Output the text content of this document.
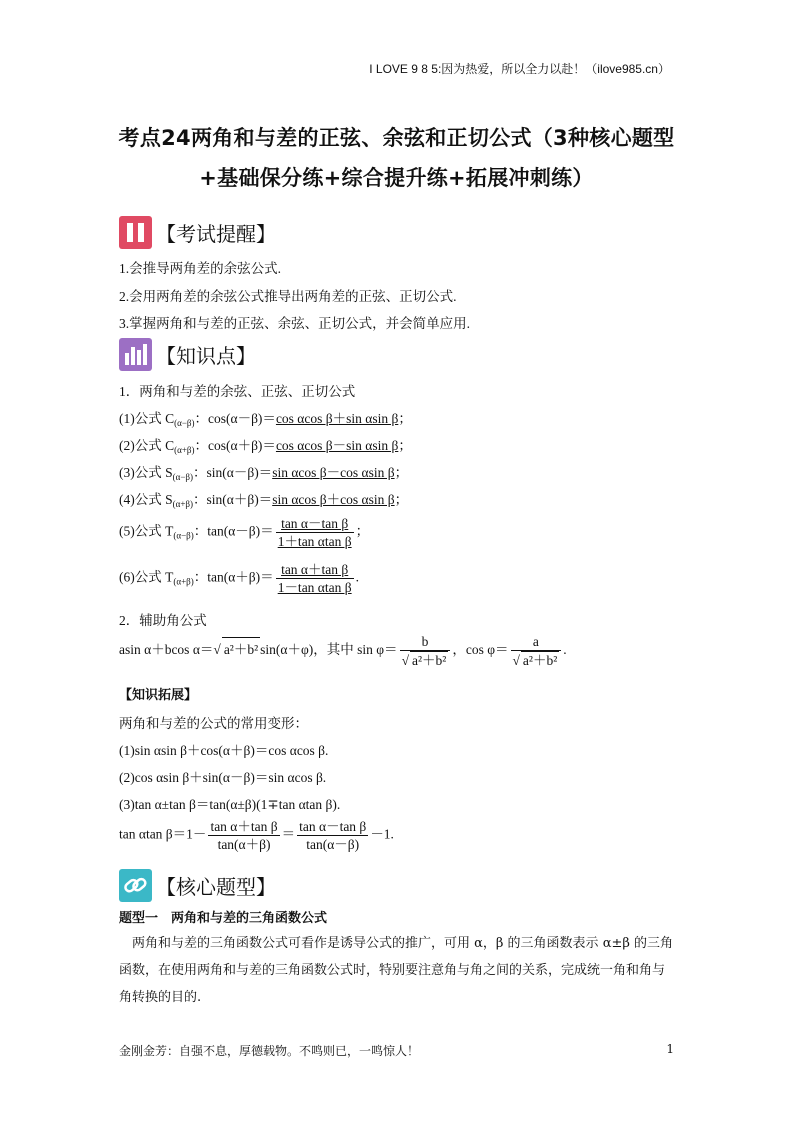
I LOVE 9 8 5:因为热爱，所以全力以赴！（ilove985.cn）
考点24两角和与差的正弦、余弦和正切公式（3种核心题型
+基础保分练+综合提升练+拓展冲刺练）
【考试提醒】
1.会推导两角差的余弦公式.
2.会用两角差的余弦公式推导出两角差的正弦、正切公式.
3.掌握两角和与差的正弦、余弦、正切公式，并会简单应用.
【知识点】
1．两角和与差的余弦、正弦、正切公式
(1)公式 $C_{(\alpha-\beta)}$：cos(α－β)＝cos αcos β＋sin αsin β；
(2)公式 $C_{(\alpha+\beta)}$：cos(α＋β)＝cos αcos β－sin αsin β；
(3)公式 $S_{(\alpha-\beta)}$：sin(α－β)＝sin αcos β－cos αsin β；
(4)公式 $S_{(\alpha+\beta)}$：sin(α＋β)＝sin αcos β＋cos αsin β；
(5)公式 $T_{(\alpha-\beta)}$：$\tan(\alpha-\beta)= \frac{\text{tan α－tan β}}{\text{1＋tan αtan β}}$ ；
(6)公式 $T_{(\alpha+\beta)}$：$\tan(\alpha+\beta)= \frac{\text{tan α＋tan β}}{\text{1－tan αtan β}}$ .
2．辅助角公式
asin α＋bcos α＝√ a²＋b² sin(α＋φ)，其中 $\sin \varphi= \frac{b}{\text{√ a²＋b²}}$ ，$\cos \varphi= \frac{a}{\text{√ a²＋b²}}$ .
【知识拓展】
两角和与差的公式的常用变形：
(1)sin αsin β＋cos(α＋β)＝cos αcos β.
(2)cos αsin β＋sin(α－β)＝sin αcos β.
(3)tan α±tan β＝tan(α±β)(1∓tan αtan β).
tan αtan $\beta=1- \frac{\text{tan α＋tan β}}{\tan(\alpha+\beta)} = \frac{\text{tan α－tan β}}{\tan(\alpha-\beta)} -1$.
【核心题型】
题型一　两角和与差的三角函数公式
两角和与差的三角函数公式可看作是诱导公式的推广，可用 α，β 的三角函数表示 α±β 的三角函数，在使用两角和与差的三角函数公式时，特别要注意角与角之间的关系，完成统一角和角与角转换的目的.
金刚金芳：自强不息，厚德载物。不鸣则已，一鸣惊人！	1
